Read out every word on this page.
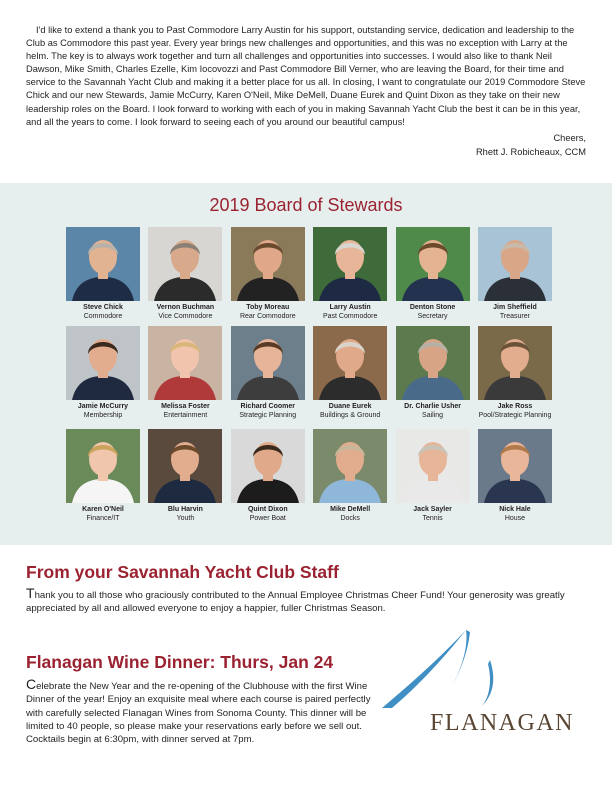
I'd like to extend a thank you to Past Commodore Larry Austin for his support, outstanding service, dedication and leadership to the Club as Commodore this past year. Every year brings new challenges and opportunities, and this was no exception with Larry at the helm. The key is to always work together and turn all challenges and opportunities into successes. I would also like to thank Neil Dawson, Mike Smith, Charles Ezelle, Kim Iocovozzi and Past Commodore Bill Verner, who are leaving the Board, for their time and service to the Savannah Yacht Club and making it a better place for us all. In closing, I want to congratulate our 2019 Commodore Steve Chick and our new Stewards, Jamie McCurry, Karen O'Neil, Mike DeMell, Duane Eurek and Quint Dixon as they take on their new leadership roles on the Board. I look forward to working with each of you in making Savannah Yacht Club the best it can be in this year, and all the years to come. I look forward to seeing each of you around our beautiful campus!

Cheers,
Rhett J. Robicheaux, CCM
2019 Board of Stewards
Steve Chick
Commodore
Vernon Buchman
Vice Commodore
Toby Moreau
Rear Commodore
Larry Austin
Past Commodore
Denton Stone
Secretary
Jim Sheffield
Treasurer
Jamie McCurry
Membership
Melissa Foster
Entertainment
Richard Coomer
Strategic Planning
Duane Eurek
Buildings & Ground
Dr. Charlie Usher
Sailing
Jake Ross
Pool/Strategic Planning
Karen O'Neil
Finance/IT
Blu Harvin
Youth
Quint Dixon
Power Boat
Mike DeMell
Docks
Jack Sayler
Tennis
Nick Hale
House
From your Savannah Yacht Club Staff

Thank you to all those who graciously contributed to the Annual Employee Christmas Cheer Fund! Your generosity was greatly appreciated by all and allowed everyone to enjoy a happier, fuller Christmas Season.

Flanagan Wine Dinner: Thurs, Jan 24

Celebrate the New Year and the re-opening of the Clubhouse with the first Wine Dinner of the year! Enjoy an exquisite meal where each course is paired perfectly with carefully selected Flanagan Wines from Sonoma County. This dinner will be limited to 40 people, so please make your reservations early before we sell out. Cocktails begin at 6:30pm, with dinner served at 7pm.

FLANAGAN
